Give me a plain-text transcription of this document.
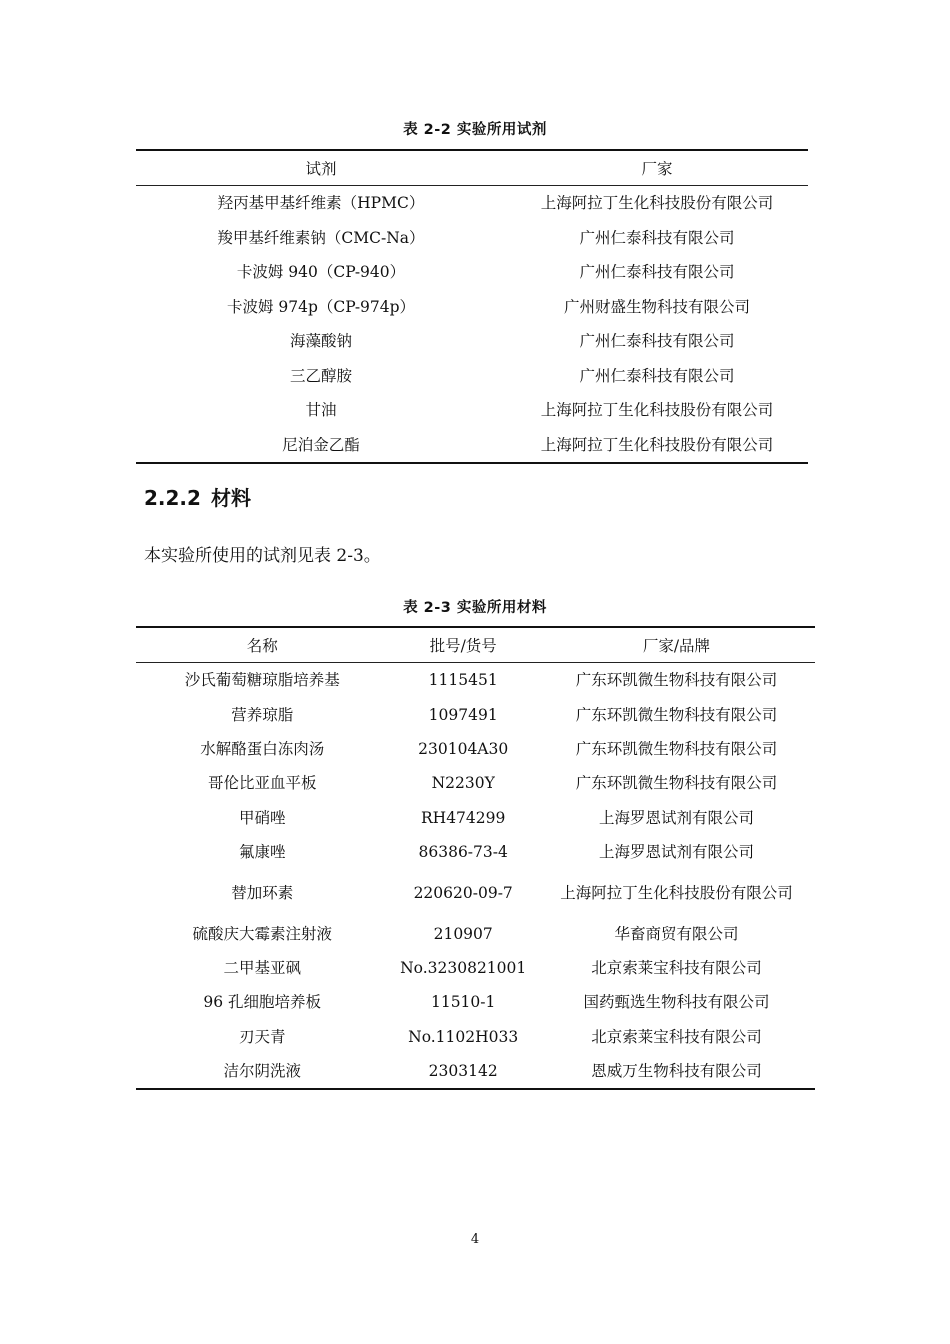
表 2-2 实验所用试剂
试剂	厂家
羟丙基甲基纤维素（HPMC）	上海阿拉丁生化科技股份有限公司
羧甲基纤维素钠（CMC-Na）	广州仁泰科技有限公司
卡波姆 940（CP-940）	广州仁泰科技有限公司
卡波姆 974p（CP-974p）	广州财盛生物科技有限公司
海藻酸钠	广州仁泰科技有限公司
三乙醇胺	广州仁泰科技有限公司
甘油	上海阿拉丁生化科技股份有限公司
尼泊金乙酯	上海阿拉丁生化科技股份有限公司
2.2.2 材料
本实验所使用的试剂见表 2-3。
表 2-3 实验所用材料
名称	批号/货号	厂家/品牌
沙氏葡萄糖琼脂培养基	1115451	广东环凯微生物科技有限公司
营养琼脂	1097491	广东环凯微生物科技有限公司
水解酪蛋白冻肉汤	230104A30	广东环凯微生物科技有限公司
哥伦比亚血平板	N2230Y	广东环凯微生物科技有限公司
甲硝唑	RH474299	上海罗恩试剂有限公司
氟康唑	86386-73-4	上海罗恩试剂有限公司
替加环素	220620-09-7	上海阿拉丁生化科技股份有限公司
硫酸庆大霉素注射液	210907	华畜商贸有限公司
二甲基亚砜	No.3230821001	北京索莱宝科技有限公司
96 孔细胞培养板	11510-1	国药甄选生物科技有限公司
刃天青	No.1102H033	北京索莱宝科技有限公司
洁尔阴洗液	2303142	恩威万生物科技有限公司
4
